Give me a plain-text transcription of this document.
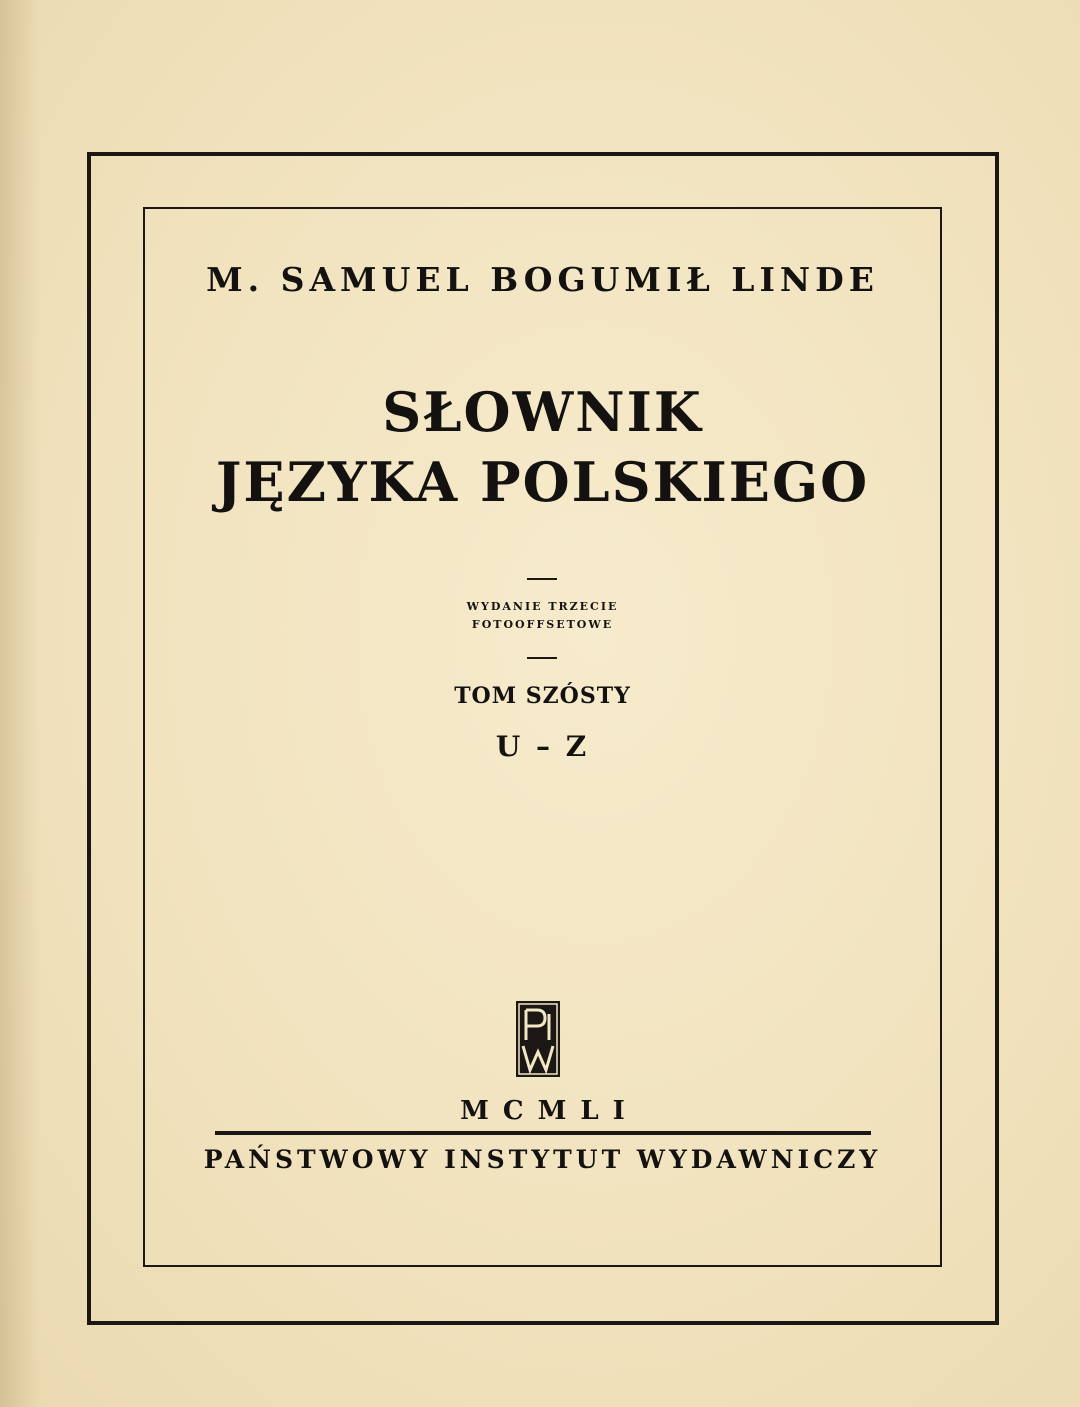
M. SAMUEL BOGUMIŁ LINDE
SŁOWNIK
JĘZYKA POLSKIEGO
WYDANIE TRZECIE
FOTOOFFSETOWE
TOM SZÓSTY
U – Z
MCMLI
PAŃSTWOWY INSTYTUT WYDAWNICZY
